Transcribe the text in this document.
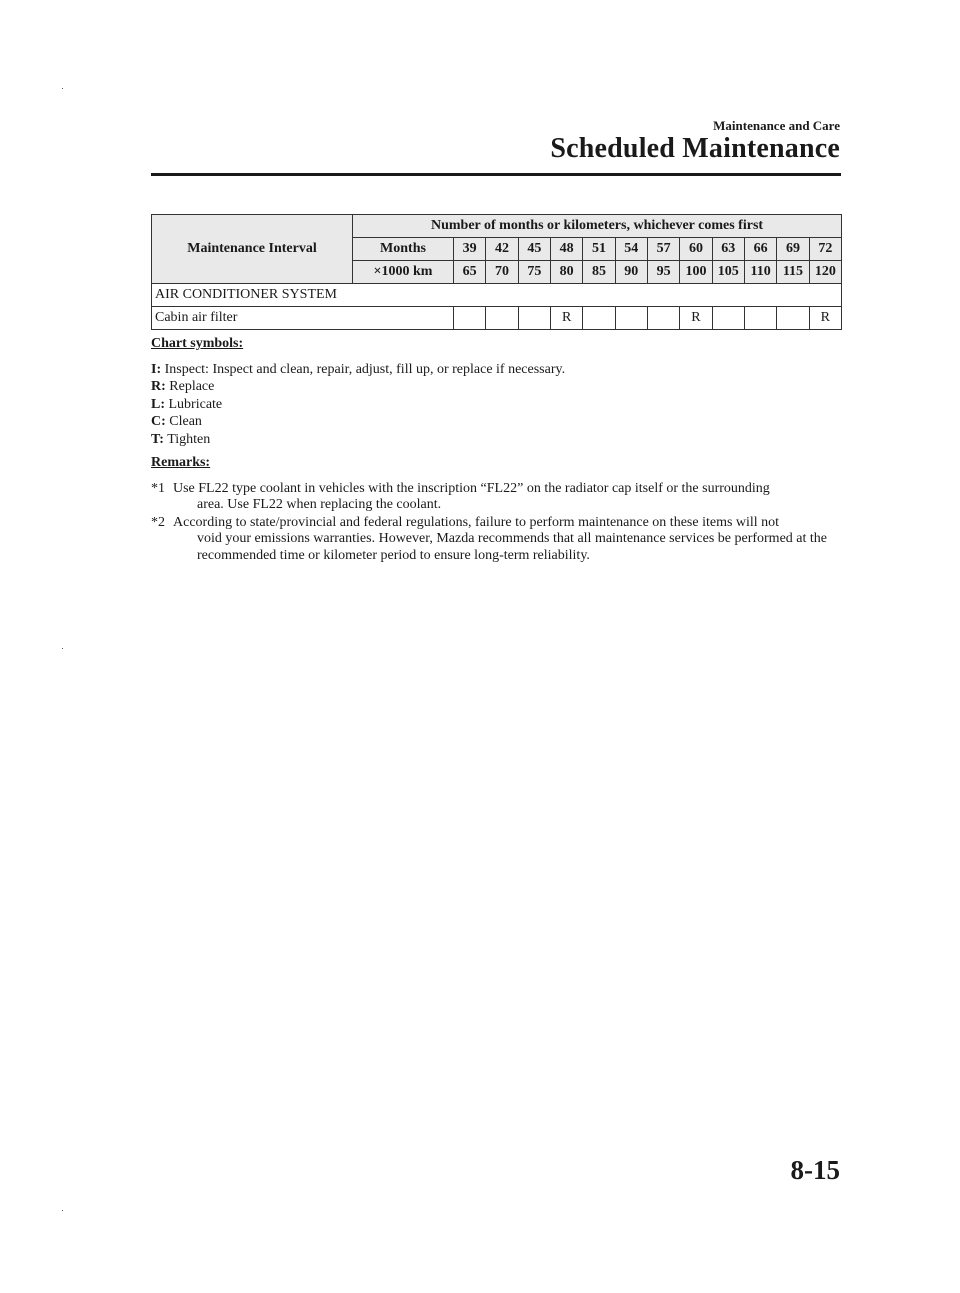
Maintenance and Care
Scheduled Maintenance
Maintenance Interval	Number of months or kilometers, whichever comes first												
	Months	39	42	45	48	51	54	57	60	63	66	69	72
	×1000 km	65	70	75	80	85	90	95	100	105	110	115	120
AIR CONDITIONER SYSTEM													
Cabin air filter					R				R				R
Chart symbols:
I: Inspect: Inspect and clean, repair, adjust, fill up, or replace if necessary.
R: Replace
L: Lubricate
C: Clean
T: Tighten
Remarks:
*1 Use FL22 type coolant in vehicles with the inscription “FL22” on the radiator cap itself or the surrounding
area. Use FL22 when replacing the coolant.
*2 According to state/provincial and federal regulations, failure to perform maintenance on these items will not
void your emissions warranties. However, Mazda recommends that all maintenance services be performed at the recommended time or kilometer period to ensure long-term reliability.
8-15
